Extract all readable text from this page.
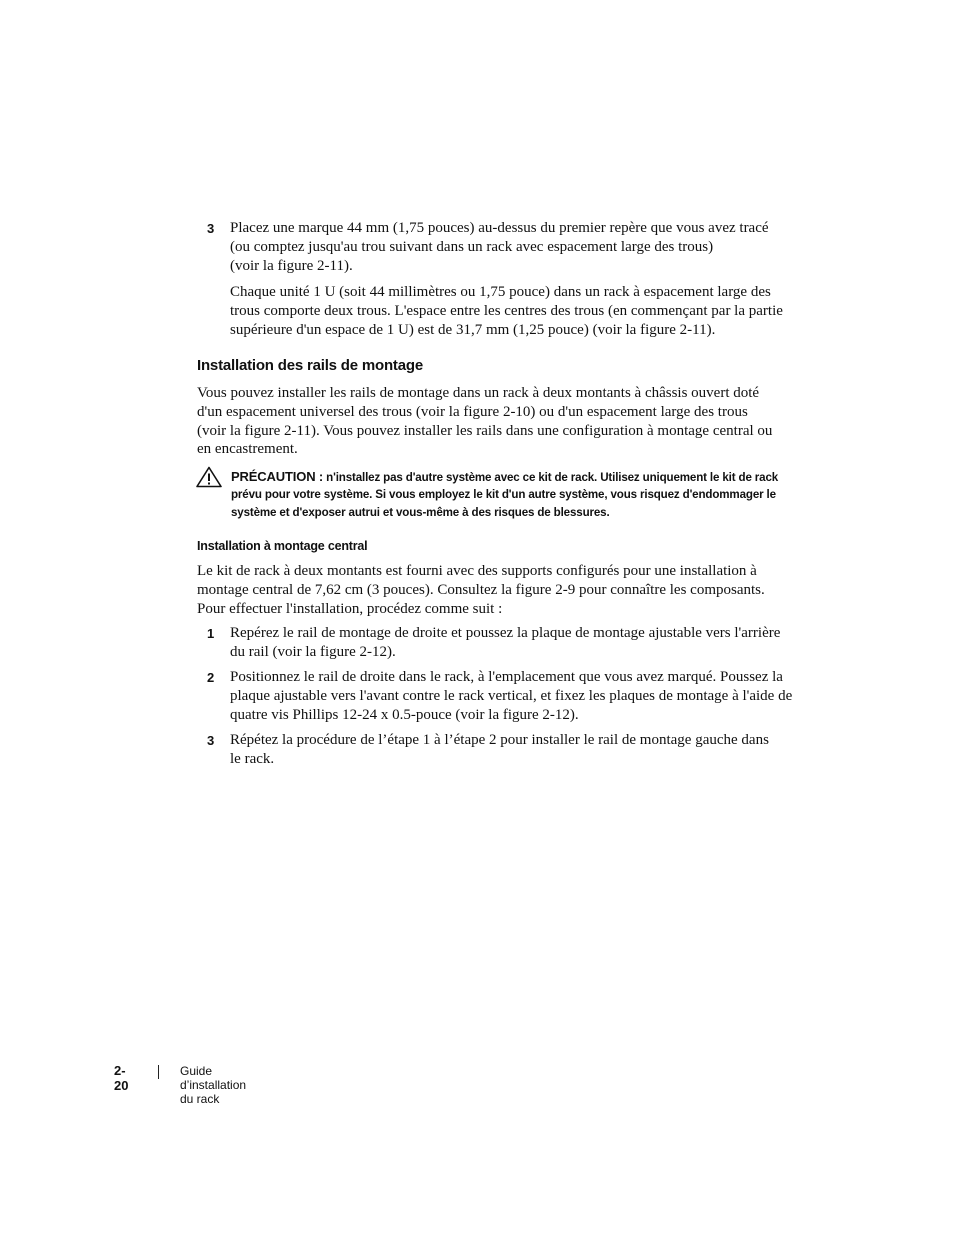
3 Placez une marque 44 mm (1,75 pouces) au-dessus du premier repère que vous avez tracé
(ou comptez jusqu'au trou suivant dans un rack avec espacement large des trous)
(voir la figure 2-11).
Chaque unité 1 U (soit 44 millimètres ou 1,75 pouce) dans un rack à espacement large des
trous comporte deux trous. L'espace entre les centres des trous (en commençant par la partie
supérieure d'un espace de 1 U) est de 31,7 mm (1,25 pouce) (voir la figure 2-11).
Installation des rails de montage
Vous pouvez installer les rails de montage dans un rack à deux montants à châssis ouvert doté
d'un espacement universel des trous (voir la figure 2-10) ou d'un espacement large des trous
(voir la figure 2-11). Vous pouvez installer les rails dans une configuration à montage central ou
en encastrement.
PRÉCAUTION : n'installez pas d'autre système avec ce kit de rack. Utilisez uniquement le kit de rack
prévu pour votre système. Si vous employez le kit d'un autre système, vous risquez d'endommager le
système et d'exposer autrui et vous-même à des risques de blessures.
Installation à montage central
Le kit de rack à deux montants est fourni avec des supports configurés pour une installation à
montage central de 7,62 cm (3 pouces). Consultez la figure 2-9 pour connaître les composants.
Pour effectuer l'installation, procédez comme suit :
1 Repérez le rail de montage de droite et poussez la plaque de montage ajustable vers l'arrière
du rail (voir la figure 2-12).
2 Positionnez le rail de droite dans le rack, à l'emplacement que vous avez marqué. Poussez la
plaque ajustable vers l'avant contre le rack vertical, et fixez les plaques de montage à l'aide de
quatre vis Phillips 12-24 x 0.5-pouce (voir la figure 2-12).
3 Répétez la procédure de l’étape 1 à l’étape 2 pour installer le rail de montage gauche dans
le rack.
2-20
Guide d’installation du rack
